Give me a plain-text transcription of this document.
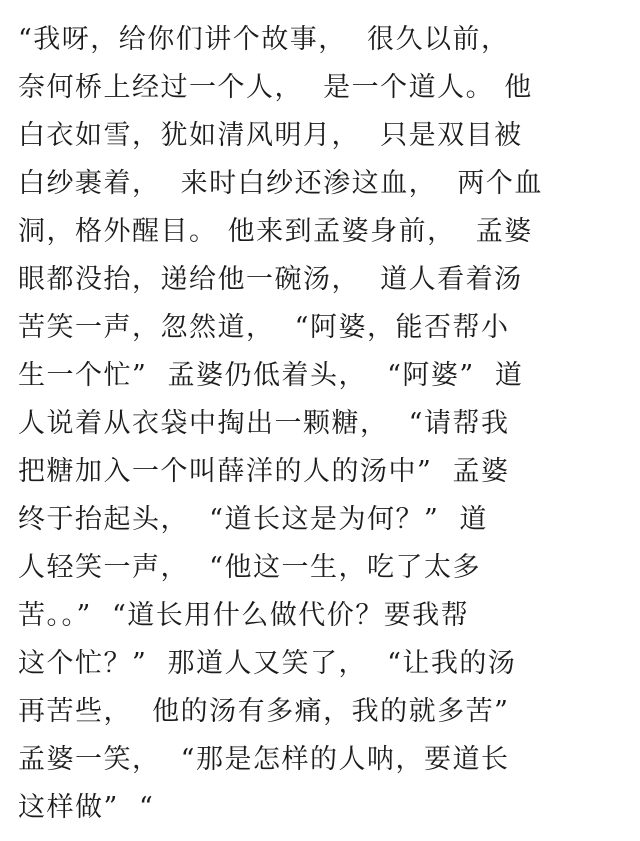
“我呀，给你们讲个故事，  很久以前，
奈何桥上经过一个人，  是一个道人。 他
白衣如雪，犹如清风明月，  只是双目被
白纱裹着，  来时白纱还渗这血，  两个血
洞，格外醒目。 他来到孟婆身前，  孟婆
眼都没抬，递给他一碗汤，  道人看着汤
苦笑一声，忽然道，  “阿婆，能否帮小
生一个忙”  孟婆仍低着头，  “阿婆”  道
人说着从衣袋中掏出一颗糖，  “请帮我
把糖加入一个叫薛洋的人的汤中”  孟婆
终于抬起头，  “道长这是为何？”  道
人轻笑一声，  “他这一生，吃了太多
苦。。”  “道长用什么做代价？要我帮
这个忙？”  那道人又笑了，  “让我的汤
再苦些，  他的汤有多痛，我的就多苦”
孟婆一笑，  “那是怎样的人呐，要道长
这样做”  “
